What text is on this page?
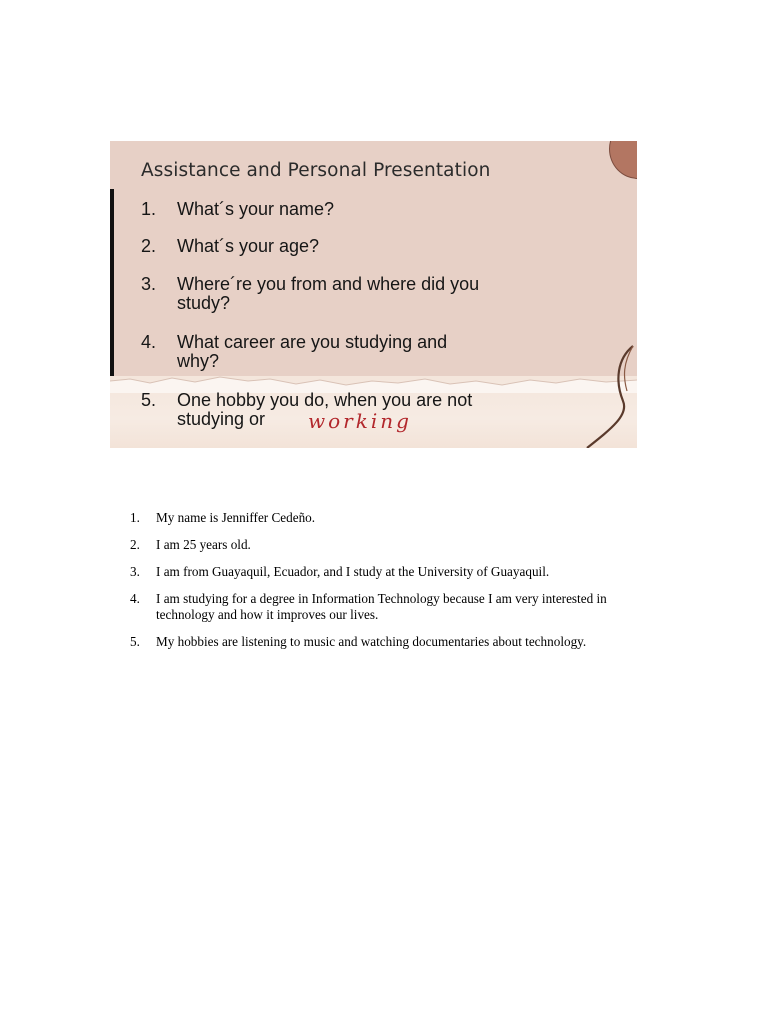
Assistance and Personal Presentation
1. What´s your name?
2. What´s your age?
3. Where´re you from and where did you
study?
4. What career are you studying and
why?
5. One hobby you do, when you are not
studying or working
1. My name is Jenniffer Cedeño.
2. I am 25 years old.
3. I am from Guayaquil, Ecuador, and I study at the University of Guayaquil.
4. I am studying for a degree in Information Technology because I am very interested in technology and how it improves our lives.
5. My hobbies are listening to music and watching documentaries about technology.
